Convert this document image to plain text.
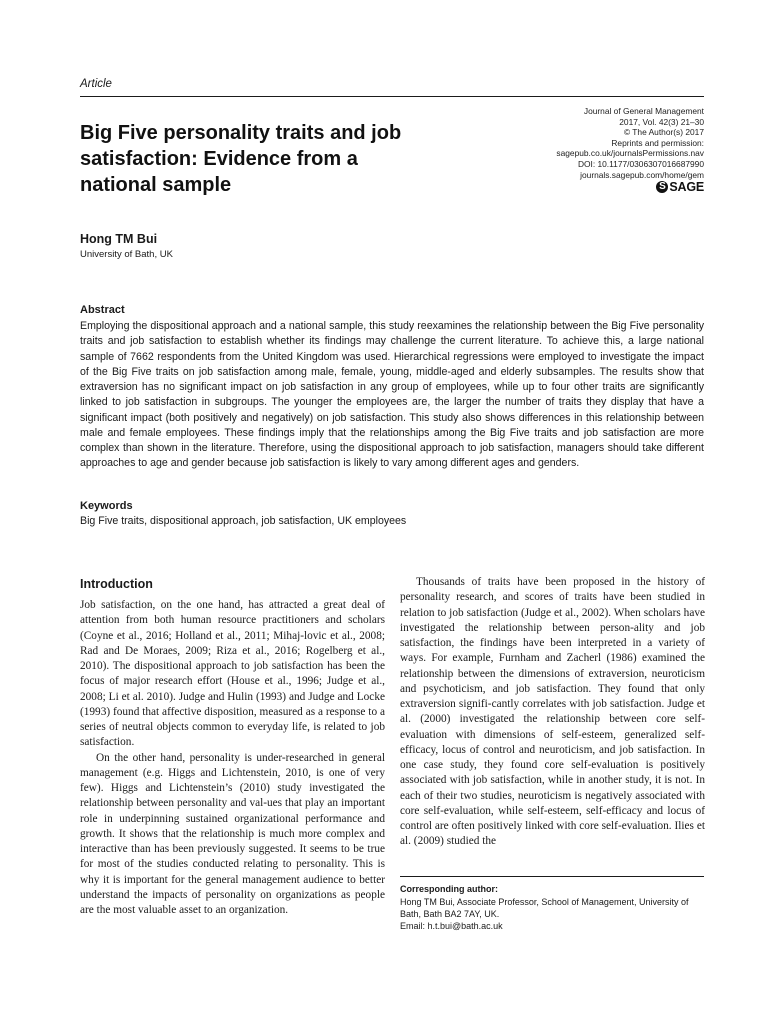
Article
Big Five personality traits and job satisfaction: Evidence from a national sample
Journal of General Management
2017, Vol. 42(3) 21–30
© The Author(s) 2017
Reprints and permission:
sagepub.co.uk/journalsPermissions.nav
DOI: 10.1177/0306307016687990
journals.sagepub.com/home/gem
S SAGE
Hong TM Bui
University of Bath, UK
Abstract

Employing the dispositional approach and a national sample, this study reexamines the relationship between the Big Five personality traits and job satisfaction to establish whether its findings may challenge the current literature. To achieve this, a large national sample of 7662 respondents from the United Kingdom was used. Hierarchical regressions were employed to investigate the impact of the Big Five traits on job satisfaction among male, female, young, middle-aged and elderly subsamples. The results show that extraversion has no significant impact on job satisfaction in any group of employees, while up to four other traits are significantly linked to job satisfaction in subgroups. The younger the employees are, the larger the number of traits they display that have a significant impact (both positively and negatively) on job satisfaction. This study also shows differences in this relationship between male and female employees. These findings imply that the relationships among the Big Five traits and job satisfaction are more complex than shown in the literature. Therefore, using the dispositional approach to job satisfaction, managers should take different approaches to age and gender because job satisfaction is likely to vary among different ages and genders.

Keywords
Big Five traits, dispositional approach, job satisfaction, UK employees
Introduction

Job satisfaction, on the one hand, has attracted a great deal of attention from both human resource practitioners and scholars (Coyne et al., 2016; Holland et al., 2011; Mihaj-lovic et al., 2008; Rad and De Moraes, 2009; Riza et al., 2016; Rogelberg et al., 2010). The dispositional approach to job satisfaction has been the focus of major research effort (House et al., 1996; Judge et al., 2008; Li et al. 2010). Judge and Hulin (1993) and Judge and Locke (1993) found that affective disposition, measured as a response to a series of neutral objects common to everyday life, is related to job satisfaction.

On the other hand, personality is under-researched in general management (e.g. Higgs and Lichtenstein, 2010, is one of very few). Higgs and Lichtenstein’s (2010) study investigated the relationship between personality and val-ues that play an important role in underpinning sustained organizational performance and growth. It shows that the relationship is much more complex and interactive than has been previously suggested. It seems to be true for most of the studies conducted relating to personality. This is why it is important for the general management audience to better understand the impacts of personality on organizations as people are the most valuable asset to an organization.

Thousands of traits have been proposed in the history of personality research, and scores of traits have been studied in relation to job satisfaction (Judge et al., 2002). When scholars have investigated the relationship between person-ality and job satisfaction, the findings have been interpreted in a variety of ways. For example, Furnham and Zacherl (1986) examined the relationship between the dimensions of extraversion, neuroticism and psychoticism, and job satisfaction. They found that only extraversion signifi-cantly correlates with job satisfaction. Judge et al. (2000) investigated the relationship between core self-evaluation with dimensions of self-esteem, generalized self-efficacy, locus of control and neuroticism, and job satisfaction. In one case study, they found core self-evaluation is positively associated with job satisfaction, while in another study, it is not. In each of their two studies, neuroticism is negatively associated with core self-evaluation, while self-esteem, self-efficacy and locus of control are often positively linked with core self-evaluation. Ilies et al. (2009) studied the

Corresponding author:
Hong TM Bui, Associate Professor, School of Management, University of Bath, Bath BA2 7AY, UK.
Email: h.t.bui@bath.ac.uk
